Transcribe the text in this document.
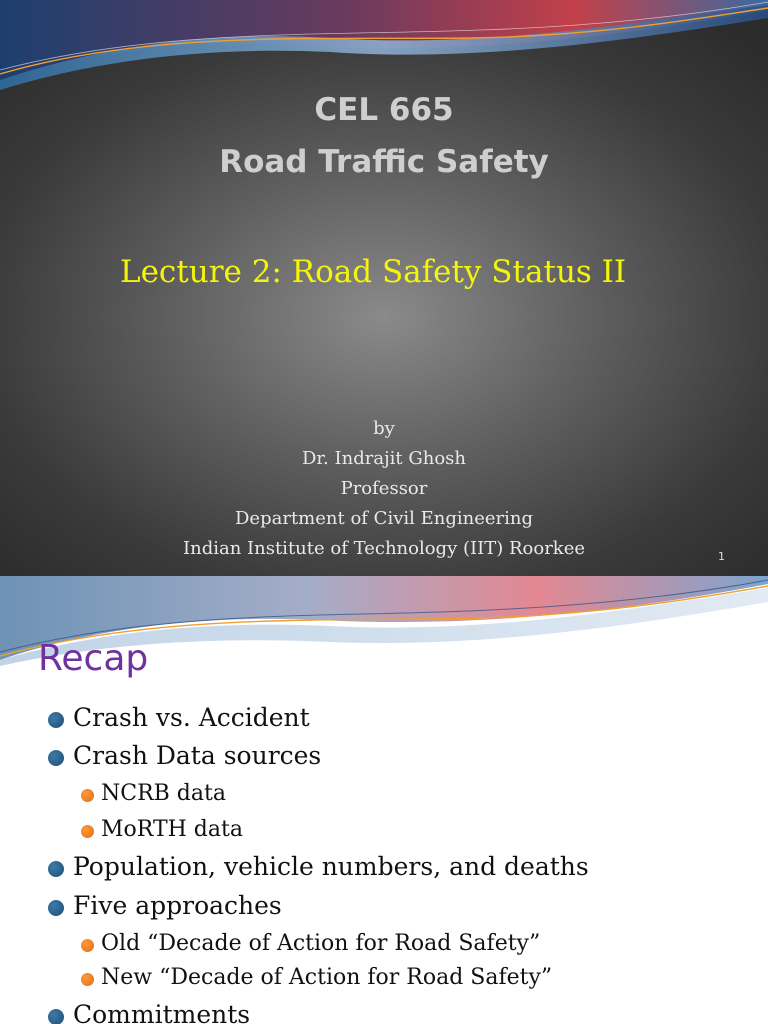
CEL 665
Road Traffic Safety
Lecture 2: Road Safety Status II
by
Dr. Indrajit Ghosh
Professor
Department of Civil Engineering
Indian Institute of Technology (IIT) Roorkee	1
Recap
Crash vs. Accident
Crash Data sources
NCRB data
MoRTH data
Population, vehicle numbers, and deaths
Five approaches
Old “Decade of Action for Road Safety”
New “Decade of Action for Road Safety”
Commitments
